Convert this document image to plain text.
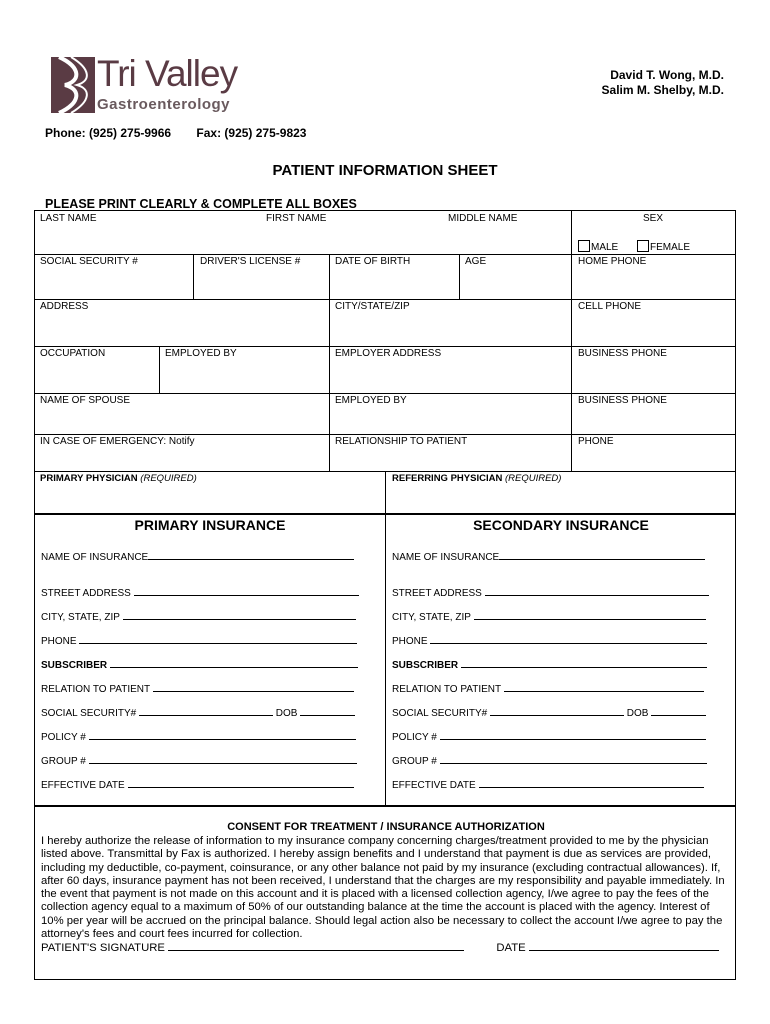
Tri Valley
Gastroenterology
David T. Wong, M.D.
Salim M. Shelby, M.D.
Phone: (925) 275-9966 Fax: (925) 275-9823
PATIENT INFORMATION SHEET
PLEASE PRINT CLEARLY & COMPLETE ALL BOXES
LAST NAME	FIRST NAME	MIDDLE NAME	SEX
MALE	FEMALE
SOCIAL SECURITY #	DRIVER'S LICENSE #	DATE OF BIRTH	AGE	HOME PHONE
ADDRESS	CITY/STATE/ZIP	CELL PHONE
OCCUPATION	EMPLOYED BY	EMPLOYER ADDRESS	BUSINESS PHONE
NAME OF SPOUSE	EMPLOYED BY	BUSINESS PHONE
IN CASE OF EMERGENCY: Notify	RELATIONSHIP TO PATIENT	PHONE
PRIMARY PHYSICIAN (REQUIRED)	REFERRING PHYSICIAN (REQUIRED)
PRIMARY INSURANCE	SECONDARY INSURANCE
NAME OF INSURANCE
STREET ADDRESS
CITY, STATE, ZIP
PHONE
SUBSCRIBER
RELATION TO PATIENT
SOCIAL SECURITY#	DOB
POLICY #
GROUP #
EFFECTIVE DATE
NAME OF INSURANCE
STREET ADDRESS
CITY, STATE, ZIP
PHONE
SUBSCRIBER
RELATION TO PATIENT
SOCIAL SECURITY#	DOB
POLICY #
GROUP #
EFFECTIVE DATE
CONSENT FOR TREATMENT / INSURANCE AUTHORIZATION
I hereby authorize the release of information to my insurance company concerning charges/treatment provided to me by the physician listed above. Transmittal by Fax is authorized. I hereby assign benefits and I understand that payment is due as services are provided, including my deductible, co-payment, coinsurance, or any other balance not paid by my insurance (excluding contractual allowances). If, after 60 days, insurance payment has not been received, I understand that the charges are my responsibility and payable immediately. In the event that payment is not made on this account and it is placed with a licensed collection agency, I/we agree to pay the fees of the collection agency equal to a maximum of 50% of our outstanding balance at the time the account is placed with the agency. Interest of 10% per year will be accrued on the principal balance. Should legal action also be necessary to collect the account I/we agree to pay the attorney's fees and court fees incurred for collection.
PATIENT'S SIGNATURE	DATE
